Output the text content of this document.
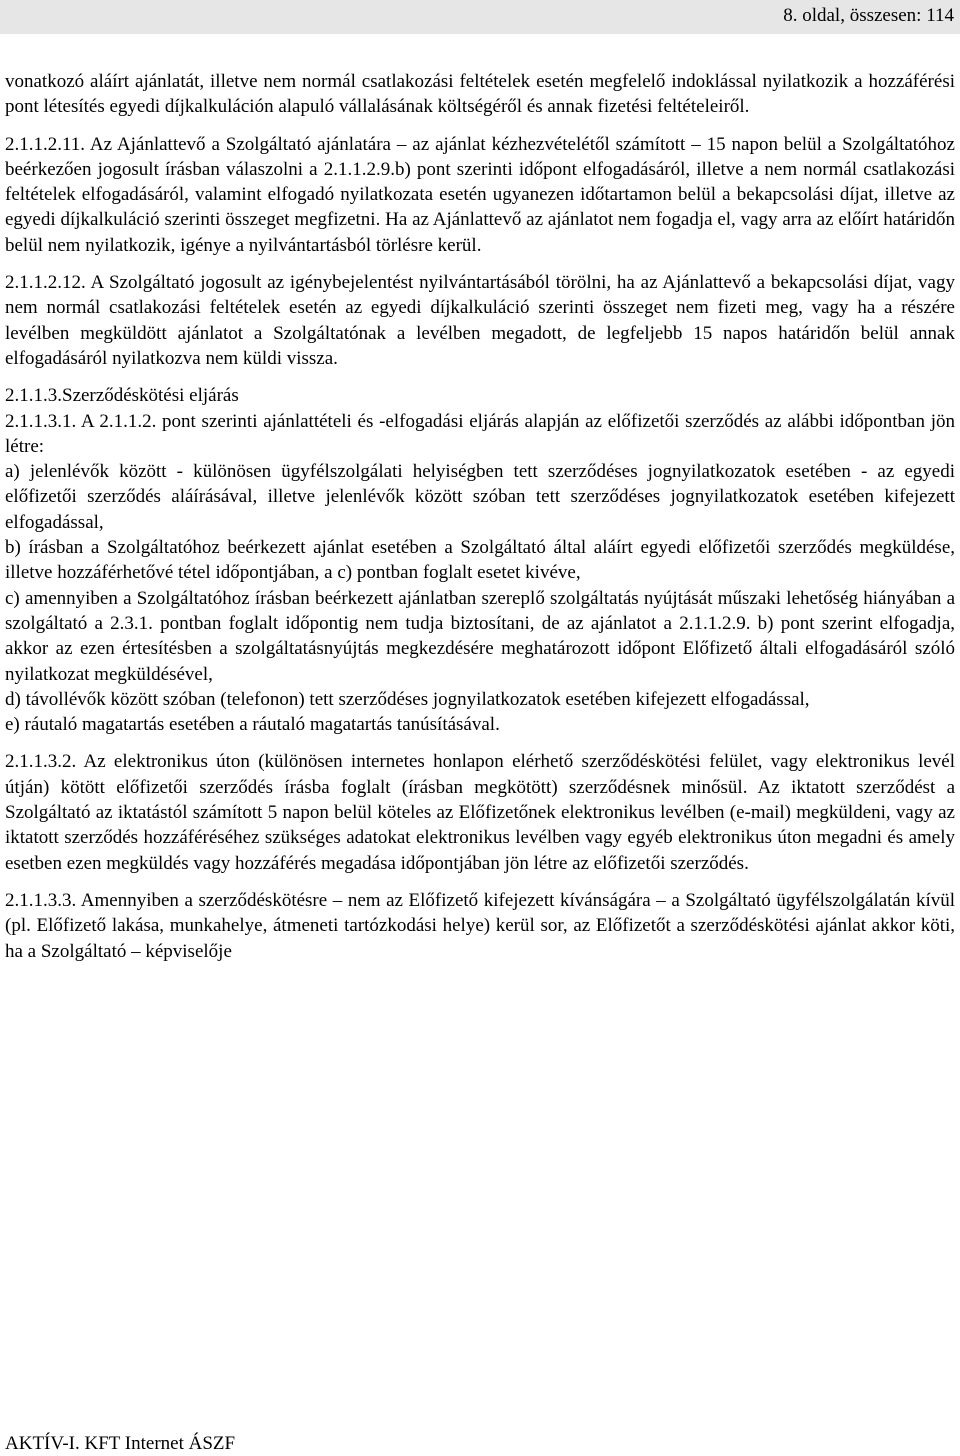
8. oldal, összesen: 114

vonatkozó aláírt ajánlatát, illetve nem normál csatlakozási feltételek esetén megfelelő indoklással nyilatkozik a hozzáférési pont létesítés egyedi díjkalkuláción alapuló vállalásának költségéről és annak fizetési feltételeiről.

2.1.1.2.11. Az Ajánlattevő a Szolgáltató ajánlatára – az ajánlat kézhezvételétől számított – 15 napon belül a Szolgáltatóhoz beérkezően jogosult írásban válaszolni a 2.1.1.2.9.b) pont szerinti időpont elfogadásáról, illetve a nem normál csatlakozási feltételek elfogadásáról, valamint elfogadó nyilatkozata esetén ugyanezen időtartamon belül a bekapcsolási díjat, illetve az egyedi díjkalkuláció szerinti összeget megfizetni. Ha az Ajánlattevő az ajánlatot nem fogadja el, vagy arra az előírt határidőn belül nem nyilatkozik, igénye a nyilvántartásból törlésre kerül.

2.1.1.2.12. A Szolgáltató jogosult az igénybejelentést nyilvántartásából törölni, ha az Ajánlattevő a bekapcsolási díjat, vagy nem normál csatlakozási feltételek esetén az egyedi díjkalkuláció szerinti összeget nem fizeti meg, vagy ha a részére levélben megküldött ajánlatot a Szolgáltatónak a levélben megadott, de legfeljebb 15 napos határidőn belül annak elfogadásáról nyilatkozva nem küldi vissza.

2.1.1.3.Szerződéskötési eljárás

2.1.1.3.1. A 2.1.1.2. pont szerinti ajánlattételi és -elfogadási eljárás alapján az előfizetői szerződés az alábbi időpontban jön létre:

a) jelenlévők között - különösen ügyfélszolgálati helyiségben tett szerződéses jognyilatkozatok esetében - az egyedi előfizetői szerződés aláírásával, illetve jelenlévők között szóban tett szerződéses jognyilatkozatok esetében kifejezett elfogadással,

b) írásban a Szolgáltatóhoz beérkezett ajánlat esetében a Szolgáltató által aláírt egyedi előfizetői szerződés megküldése, illetve hozzáférhetővé tétel időpontjában, a c) pontban foglalt esetet kivéve,

c) amennyiben a Szolgáltatóhoz írásban beérkezett ajánlatban szereplő szolgáltatás nyújtását műszaki lehetőség hiányában a szolgáltató a 2.3.1. pontban foglalt időpontig nem tudja biztosítani, de az ajánlatot a 2.1.1.2.9. b) pont szerint elfogadja, akkor az ezen értesítésben a szolgáltatásnyújtás megkezdésére meghatározott időpont Előfizető általi elfogadásáról szóló nyilatkozat megküldésével,

d) távollévők között szóban (telefonon) tett szerződéses jognyilatkozatok esetében kifejezett elfogadással,

e) ráutaló magatartás esetében a ráutaló magatartás tanúsításával.

2.1.1.3.2. Az elektronikus úton (különösen internetes honlapon elérhető szerződéskötési felület, vagy elektronikus levél útján) kötött előfizetői szerződés írásba foglalt (írásban megkötött) szerződésnek minősül. Az iktatott szerződést a Szolgáltató az iktatástól számított 5 napon belül köteles az Előfizetőnek elektronikus levélben (e-mail) megküldeni, vagy az iktatott szerződés hozzáféréséhez szükséges adatokat elektronikus levélben vagy egyéb elektronikus úton megadni és amely esetben ezen megküldés vagy hozzáférés megadása időpontjában jön létre az előfizetői szerződés.

2.1.1.3.3. Amennyiben a szerződéskötésre – nem az Előfizető kifejezett kívánságára – a Szolgáltató ügyfélszolgálatán kívül (pl. Előfizető lakása, munkahelye, átmeneti tartózkodási helye) kerül sor, az Előfizetőt a szerződéskötési ajánlat akkor köti, ha a Szolgáltató – képviselője

AKTÍV-I. KFT Internet ÁSZF
